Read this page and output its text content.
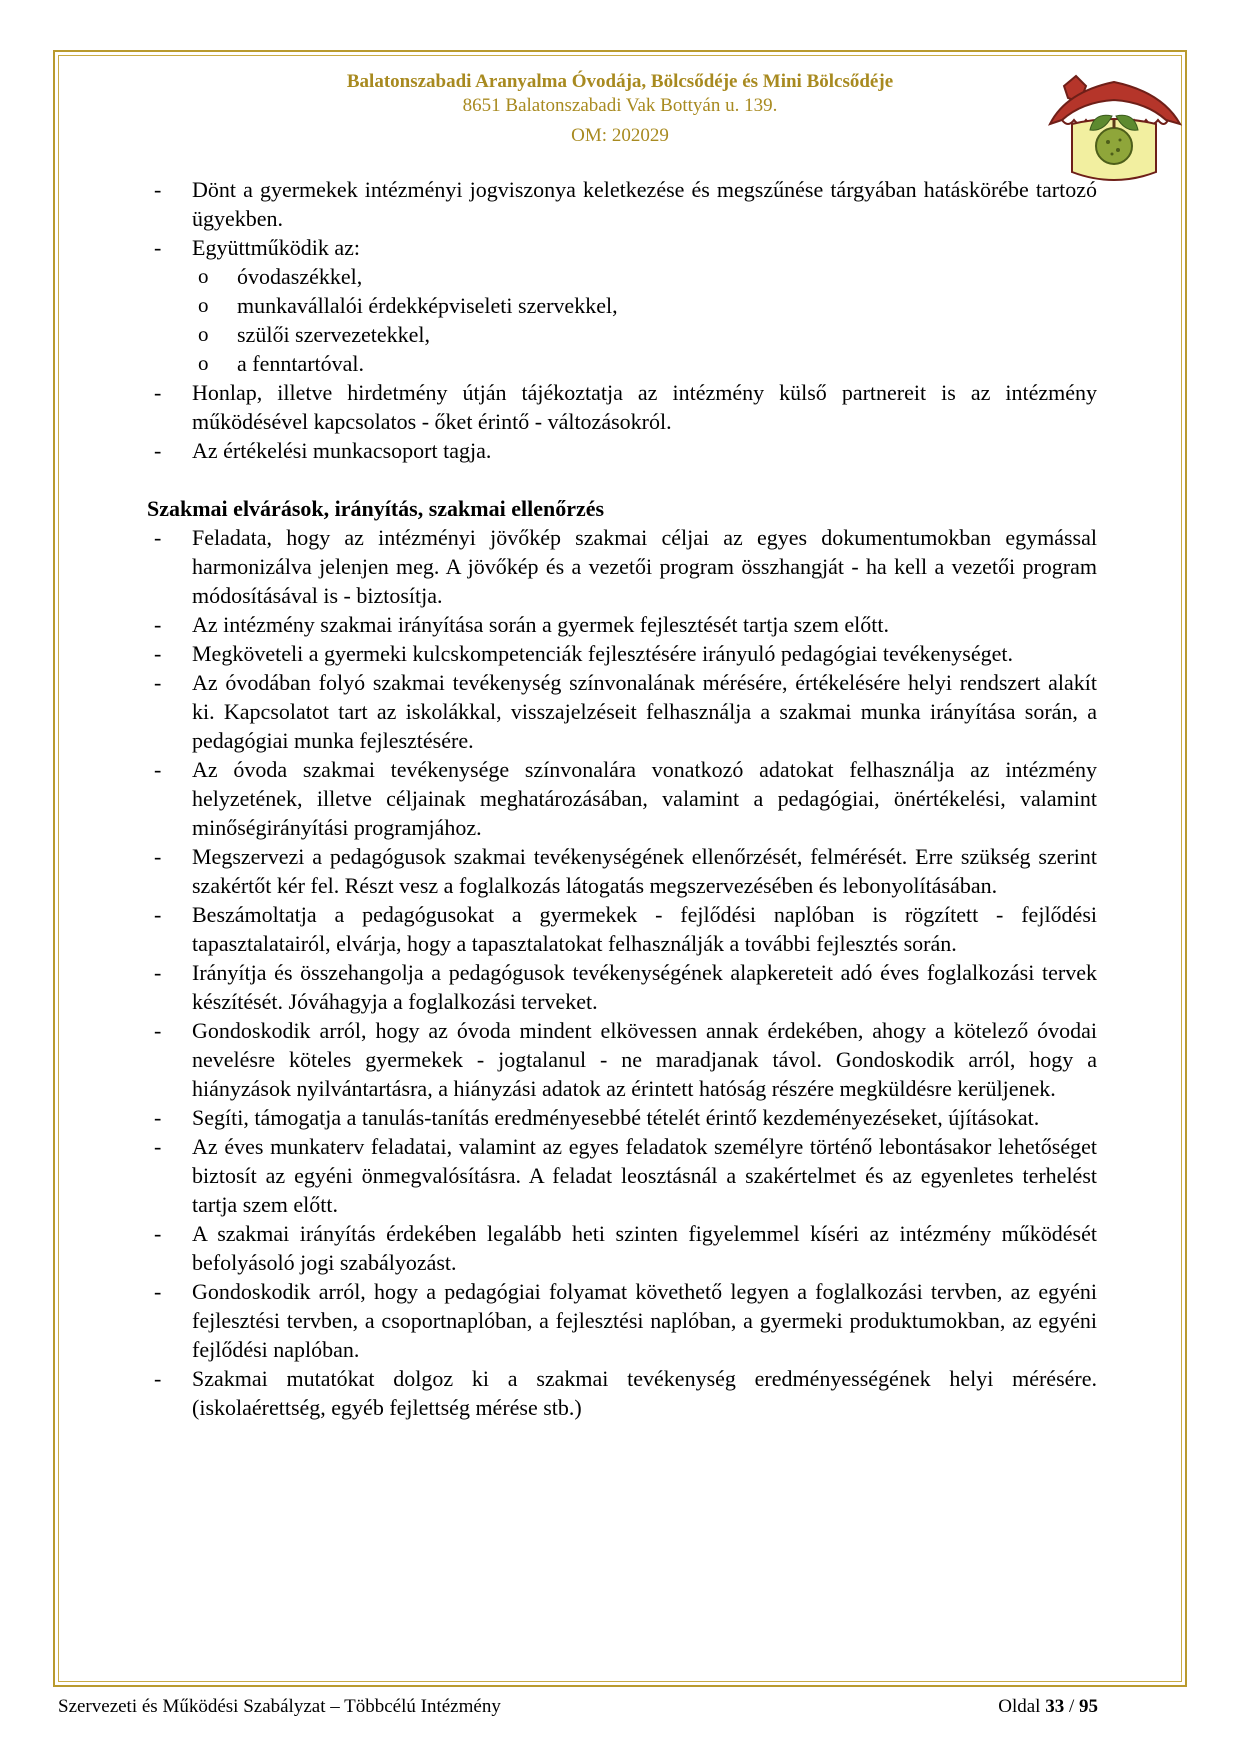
Balatonszabadi Aranyalma Óvodája, Bölcsődéje és Mini Bölcsődéje
8651 Balatonszabadi Vak Bottyán u. 139.
OM: 202029
- Dönt a gyermekek intézményi jogviszonya keletkezése és megszűnése tárgyában hatáskörébe tartozó ügyekben.
- Együttműködik az:
o óvodaszékkel,
o munkavállalói érdekképviseleti szervekkel,
o szülői szervezetekkel,
o a fenntartóval.
- Honlap, illetve hirdetmény útján tájékoztatja az intézmény külső partnereit is az intézmény működésével kapcsolatos - őket érintő - változásokról.
- Az értékelési munkacsoport tagja.
Szakmai elvárások, irányítás, szakmai ellenőrzés
- Feladata, hogy az intézményi jövőkép szakmai céljai az egyes dokumentumokban egymással harmonizálva jelenjen meg. A jövőkép és a vezetői program összhangját - ha kell a vezetői program módosításával is - biztosítja.
- Az intézmény szakmai irányítása során a gyermek fejlesztését tartja szem előtt.
- Megköveteli a gyermeki kulcskompetenciák fejlesztésére irányuló pedagógiai tevékenységet.
- Az óvodában folyó szakmai tevékenység színvonalának mérésére, értékelésére helyi rendszert alakít ki. Kapcsolatot tart az iskolákkal, visszajelzéseit felhasználja a szakmai munka irányítása során, a pedagógiai munka fejlesztésére.
- Az óvoda szakmai tevékenysége színvonalára vonatkozó adatokat felhasználja az intézmény helyzetének, illetve céljainak meghatározásában, valamint a pedagógiai, önértékelési, valamint minőségirányítási programjához.
- Megszervezi a pedagógusok szakmai tevékenységének ellenőrzését, felmérését. Erre szükség szerint szakértőt kér fel. Részt vesz a foglalkozás látogatás megszervezésében és lebonyolításában.
- Beszámoltatja a pedagógusokat a gyermekek - fejlődési naplóban is rögzített - fejlődési tapasztalatairól, elvárja, hogy a tapasztalatokat felhasználják a további fejlesztés során.
- Irányítja és összehangolja a pedagógusok tevékenységének alapkereteit adó éves foglalkozási tervek készítését. Jóváhagyja a foglalkozási terveket.
- Gondoskodik arról, hogy az óvoda mindent elkövessen annak érdekében, ahogy a kötelező óvodai nevelésre köteles gyermekek - jogtalanul - ne maradjanak távol. Gondoskodik arról, hogy a hiányzások nyilvántartásra, a hiányzási adatok az érintett hatóság részére megküldésre kerüljenek.
- Segíti, támogatja a tanulás-tanítás eredményesebbé tételét érintő kezdeményezéseket, újításokat.
- Az éves munkaterv feladatai, valamint az egyes feladatok személyre történő lebontásakor lehetőséget biztosít az egyéni önmegvalósításra. A feladat leosztásnál a szakértelmet és az egyenletes terhelést tartja szem előtt.
- A szakmai irányítás érdekében legalább heti szinten figyelemmel kíséri az intézmény működését befolyásoló jogi szabályozást.
- Gondoskodik arról, hogy a pedagógiai folyamat követhető legyen a foglalkozási tervben, az egyéni fejlesztési tervben, a csoportnaplóban, a fejlesztési naplóban, a gyermeki produktumokban, az egyéni fejlődési naplóban.
- Szakmai mutatókat dolgoz ki a szakmai tevékenység eredményességének helyi mérésére. (iskolaérettség, egyéb fejlettség mérése stb.)
Szervezeti és Működési Szabályzat – Többcélú Intézmény	Oldal 33 / 95
